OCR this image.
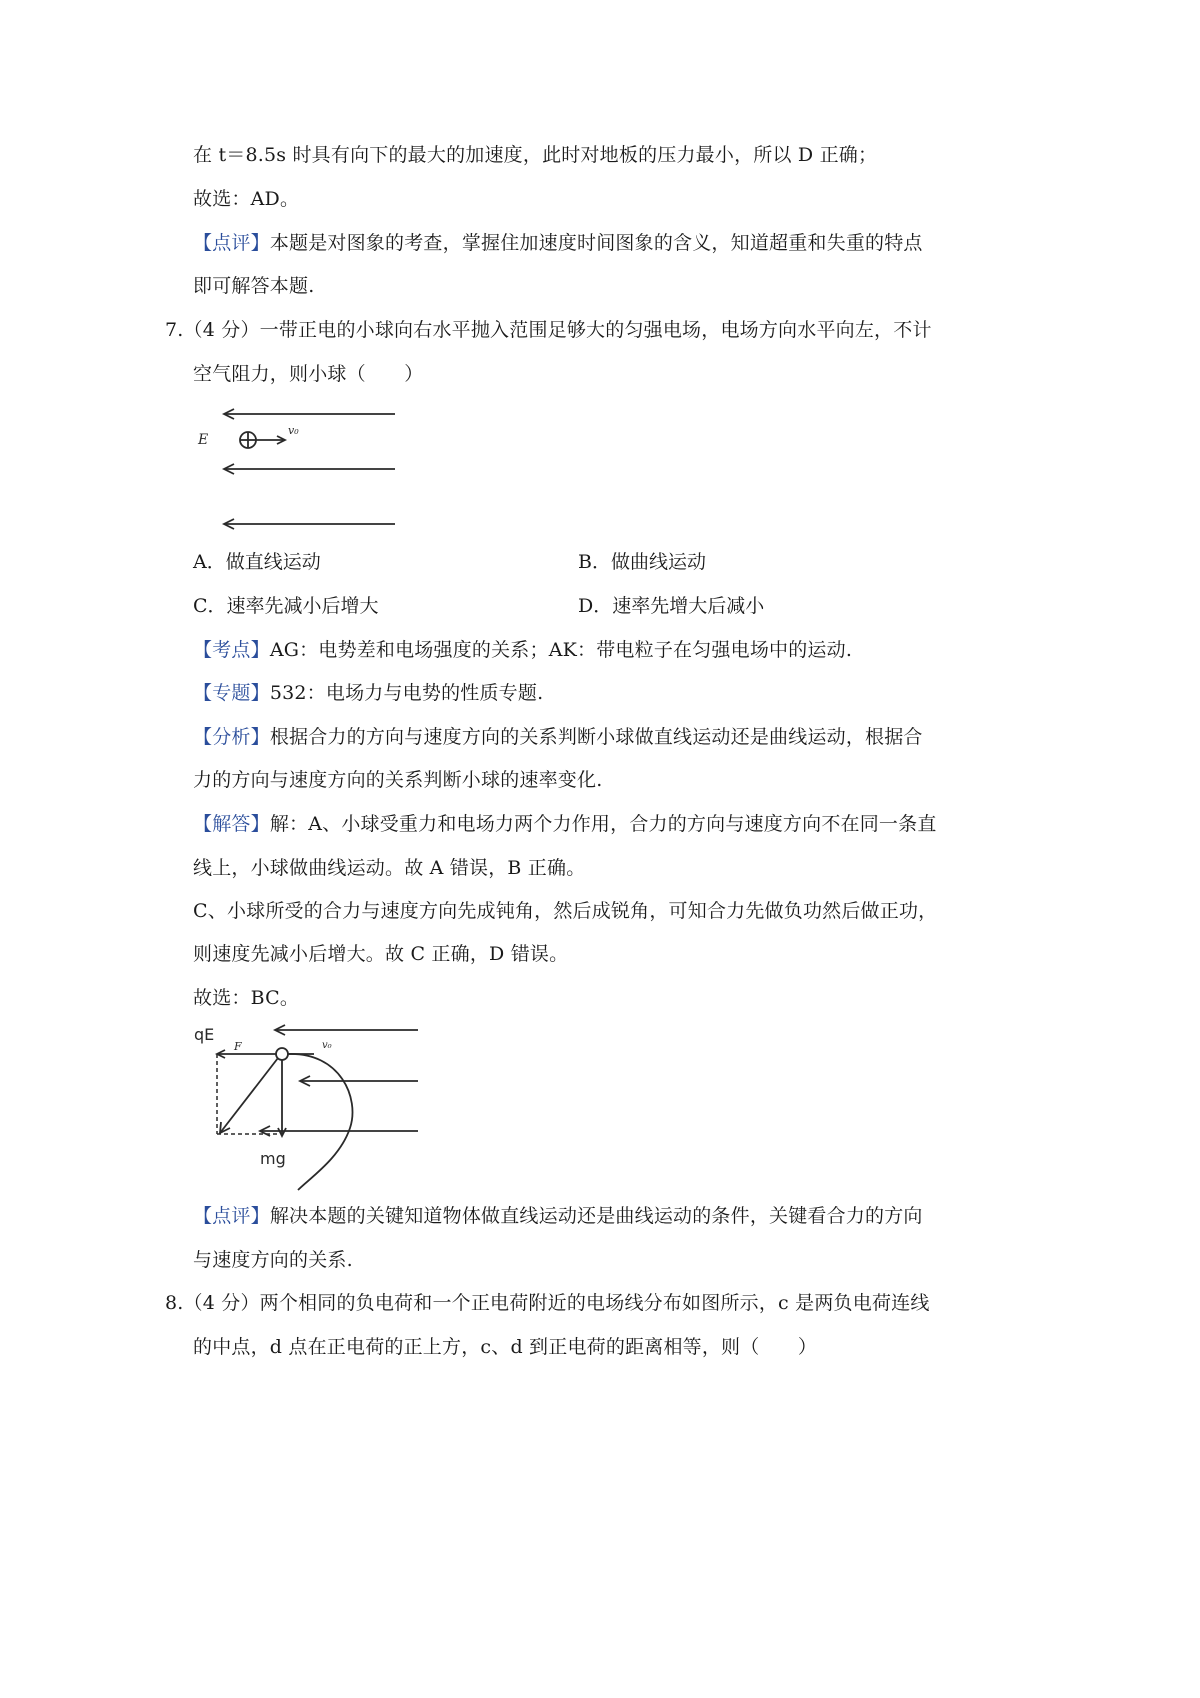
在 t＝8.5s 时具有向下的最大的加速度，此时对地板的压力最小，所以 D 正确；
故选：AD。
【点评】本题是对图象的考查，掌握住加速度时间图象的含义，知道超重和失重的特点
即可解答本题.
7.（4 分）一带正电的小球向右水平抛入范围足够大的匀强电场，电场方向水平向左，不计
空气阻力，则小球（　　）
E
v₀
A．做直线运动	B．做曲线运动
C．速率先减小后增大	D．速率先增大后减小
【考点】AG：电势差和电场强度的关系；AK：带电粒子在匀强电场中的运动.
【专题】532：电场力与电势的性质专题.
【分析】根据合力的方向与速度方向的关系判断小球做直线运动还是曲线运动，根据合
力的方向与速度方向的关系判断小球的速率变化.
【解答】解：A、小球受重力和电场力两个力作用，合力的方向与速度方向不在同一条直
线上，小球做曲线运动。故 A 错误，B 正确。
C、小球所受的合力与速度方向先成钝角，然后成锐角，可知合力先做负功然后做正功，
则速度先减小后增大。故 C 正确，D 错误。
故选：BC。
qE
F	v₀
mg
【点评】解决本题的关键知道物体做直线运动还是曲线运动的条件，关键看合力的方向
与速度方向的关系.
8.（4 分）两个相同的负电荷和一个正电荷附近的电场线分布如图所示，c 是两负电荷连线
的中点，d 点在正电荷的正上方，c、d 到正电荷的距离相等，则（　　）
